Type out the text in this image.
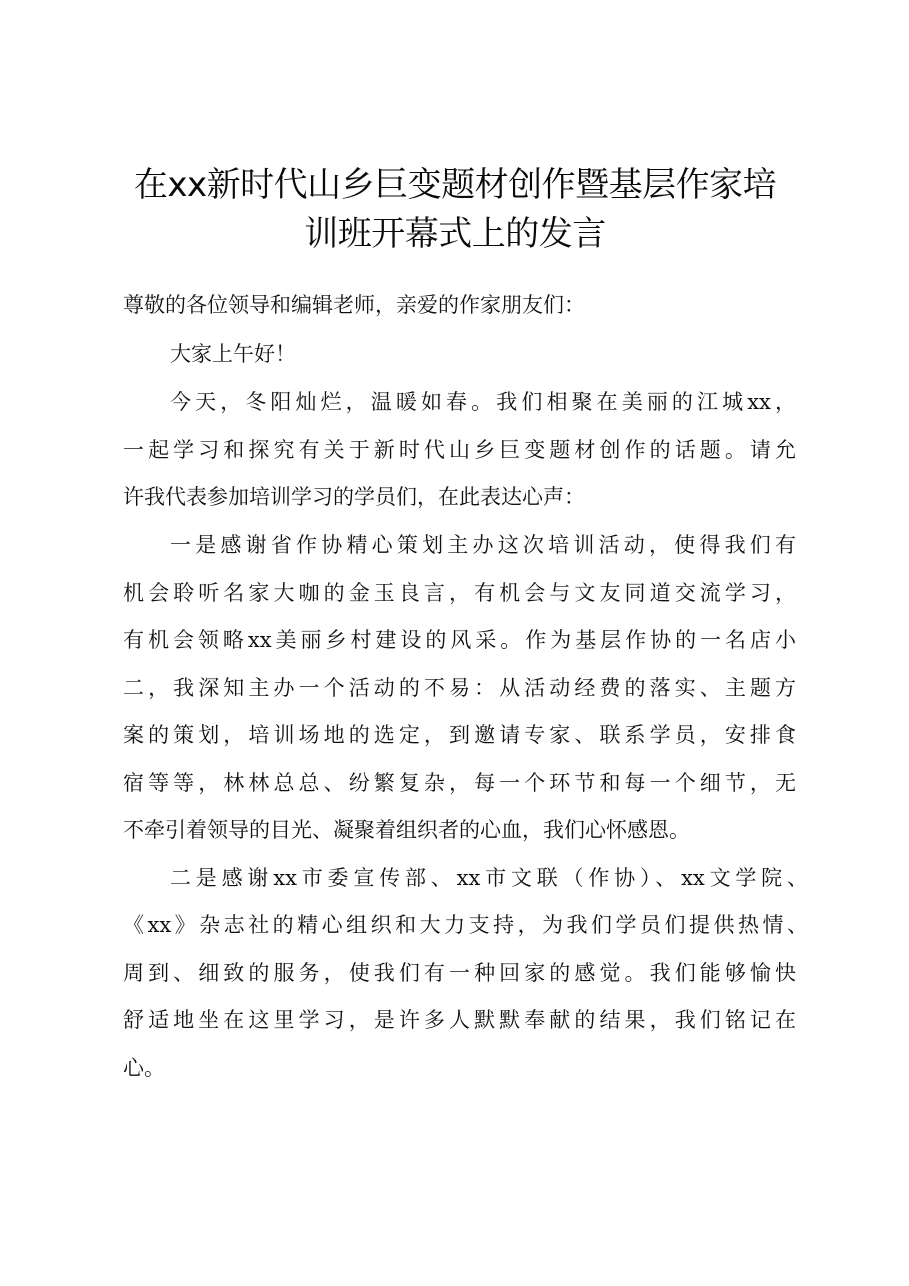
在xx新时代山乡巨变题材创作暨基层作家培
训班开幕式上的发言
尊敬的各位领导和编辑老师，亲爱的作家朋友们：
大家上午好！
今天，冬阳灿烂，温暖如春。我们相聚在美丽的江城xx，
一起学习和探究有关于新时代山乡巨变题材创作的话题。请允
许我代表参加培训学习的学员们，在此表达心声：
一是感谢省作协精心策划主办这次培训活动，使得我们有
机会聆听名家大咖的金玉良言，有机会与文友同道交流学习，
有机会领略xx美丽乡村建设的风采。作为基层作协的一名店小
二，我深知主办一个活动的不易：从活动经费的落实、主题方
案的策划，培训场地的选定，到邀请专家、联系学员，安排食
宿等等，林林总总、纷繁复杂，每一个环节和每一个细节，无
不牵引着领导的目光、凝聚着组织者的心血，我们心怀感恩。
二是感谢xx市委宣传部、xx市文联（作协）、xx文学院、
《xx》杂志社的精心组织和大力支持，为我们学员们提供热情、
周到、细致的服务，使我们有一种回家的感觉。我们能够愉快
舒适地坐在这里学习，是许多人默默奉献的结果，我们铭记在
心。
